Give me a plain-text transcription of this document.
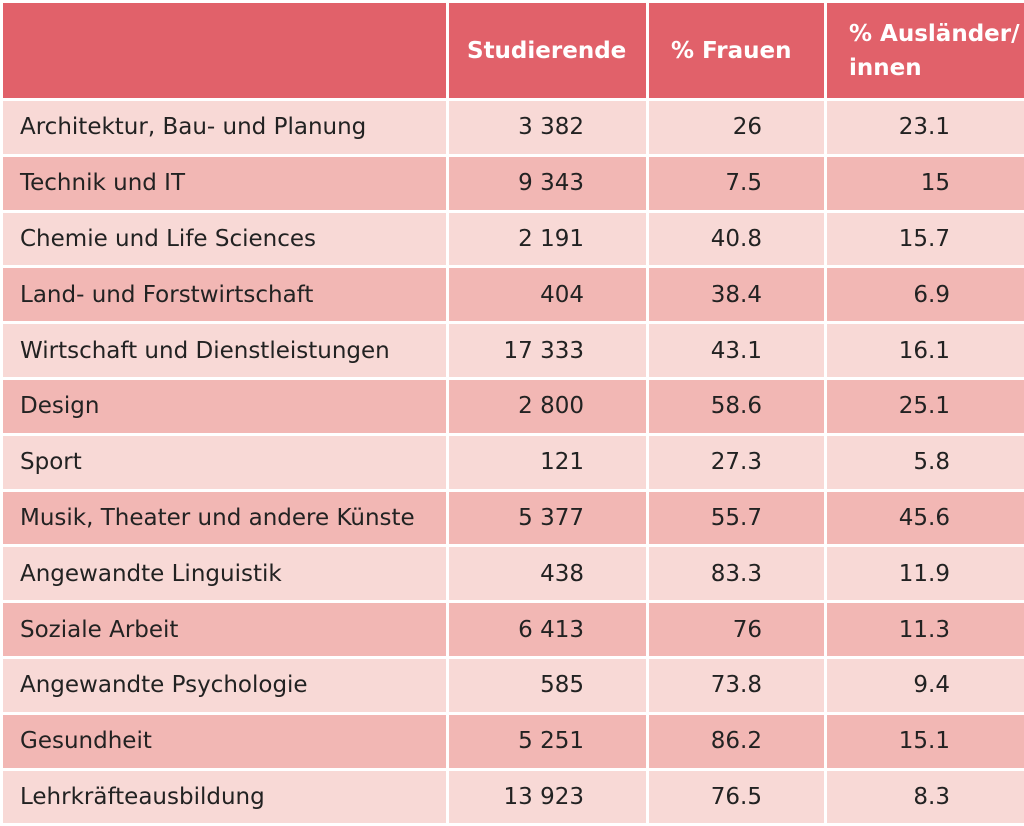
	Studierende	% Frauen	% Ausländer/ innen
Architektur, Bau- und Planung	3 382	26	23.1
Technik und IT	9 343	7.5	15
Chemie und Life Sciences	2 191	40.8	15.7
Land- und Forstwirtschaft	404	38.4	6.9
Wirtschaft und Dienstleistungen	17 333	43.1	16.1
Design	2 800	58.6	25.1
Sport	121	27.3	5.8
Musik, Theater und andere Künste	5 377	55.7	45.6
Angewandte Linguistik	438	83.3	11.9
Soziale Arbeit	6 413	76	11.3
Angewandte Psychologie	585	73.8	9.4
Gesundheit	5 251	86.2	15.1
Lehrkräfteausbildung	13 923	76.5	8.3
